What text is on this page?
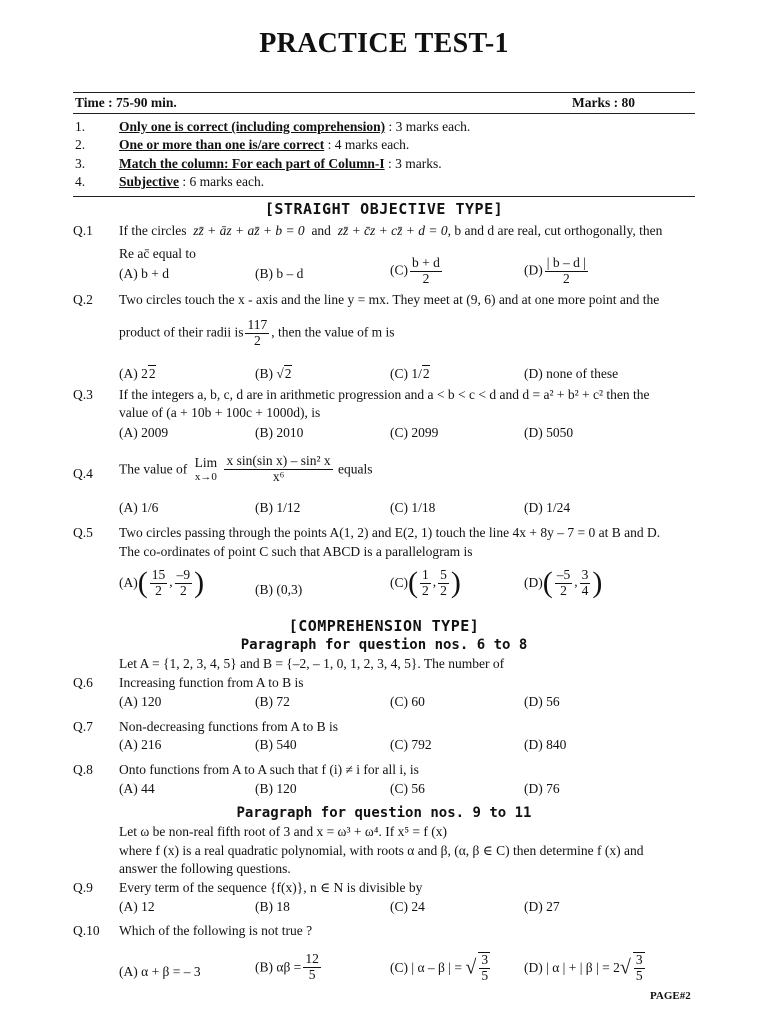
PRACTICE TEST-1
Time : 75-90 min.	Marks : 80
1.	Only one is correct (including comprehension) : 3 marks each.
2.	One or more than one is/are correct : 4 marks each.
3.	Match the column: For each part of Column-I : 3 marks.
4.	Subjective : 6 marks each.
[STRAIGHT OBJECTIVE TYPE]
Q.1 If the circles zz̄ + āz + az̄ + b = 0 and zz̄ + c̄z + cz̄ + d = 0, b and d are real, cut orthogonally, then
Re ac̄ equal to
(A) b + d	(B) b – d	$(C) \frac{b + d}{2}$	$(D) \frac{| b - d |}{2}$
Q.2 Two circles touch the x - axis and the line y = mx. They meet at (9, 6) and at one more point and the
product of their radii is $\frac{117}{2}$ , then the value of m is
(A) 22	(B) √2	(C) 1/2	(D) none of these
Q.3 If the integers a, b, c, d are in arithmetic progression and a < b < c < d and d = a² + b² + c² then the
value of (a + 10b + 100c + 1000d), is
(A) 2009	(B) 2010	(C) 2099	(D) 5050
Q.4 The value of Lim
x→0
$\frac{\text{x sin(sin x) – sin² x}}{\text{x⁶}}$ equals
(A) 1/6	(B) 1/12	(C) 1/18	(D) 1/24
Q.5 Two circles passing through the points A(1, 2) and E(2, 1) touch the line 4x + 8y – 7 = 0 at B and D.
The co-ordinates of point C such that ABCD is a parallelogram is
$(A)( \frac{15}{2}$ , $\frac{-9}{2}$ )	(B) (0,3)	$(C)( \frac{1}{2}$ , $\frac{5}{2}$ )	$(D)( \frac{-5}{2}$ , $\frac{3}{4}$ )
[COMPREHENSION TYPE]
Paragraph for question nos. 6 to 8
Let A = {1, 2, 3, 4, 5} and B = {–2, – 1, 0, 1, 2, 3, 4, 5}. The number of
Q.6 Increasing function from A to B is
(A) 120	(B) 72	(C) 60	(D) 56
Q.7 Non-decreasing functions from A to B is
(A) 216	(B) 540	(C) 792	(D) 840
Q.8 Onto functions from A to A such that f (i) ≠ i for all i, is
(A) 44	(B) 120	(C) 56	(D) 76
Paragraph for question nos. 9 to 11
Let ω be non-real fifth root of 3 and x = ω³ + ω⁴. If x⁵ = f (x)
where f (x) is a real quadratic polynomial, with roots α and β, (α, β ∈ C) then determine f (x) and
answer the following questions.
Q.9 Every term of the sequence {f(x)}, n ∈ N is divisible by
(A) 12	(B) 18	(C) 24	(D) 27
Q.10 Which of the following is not true ?
(A) α + β = – 3	(B) $\alpha\beta = \frac{12}{5}$	(C) | α – β | = √ $\frac{3}{5}$	(D) | α | + | β | = $2√ \frac{3}{5}$
PAGE#2
